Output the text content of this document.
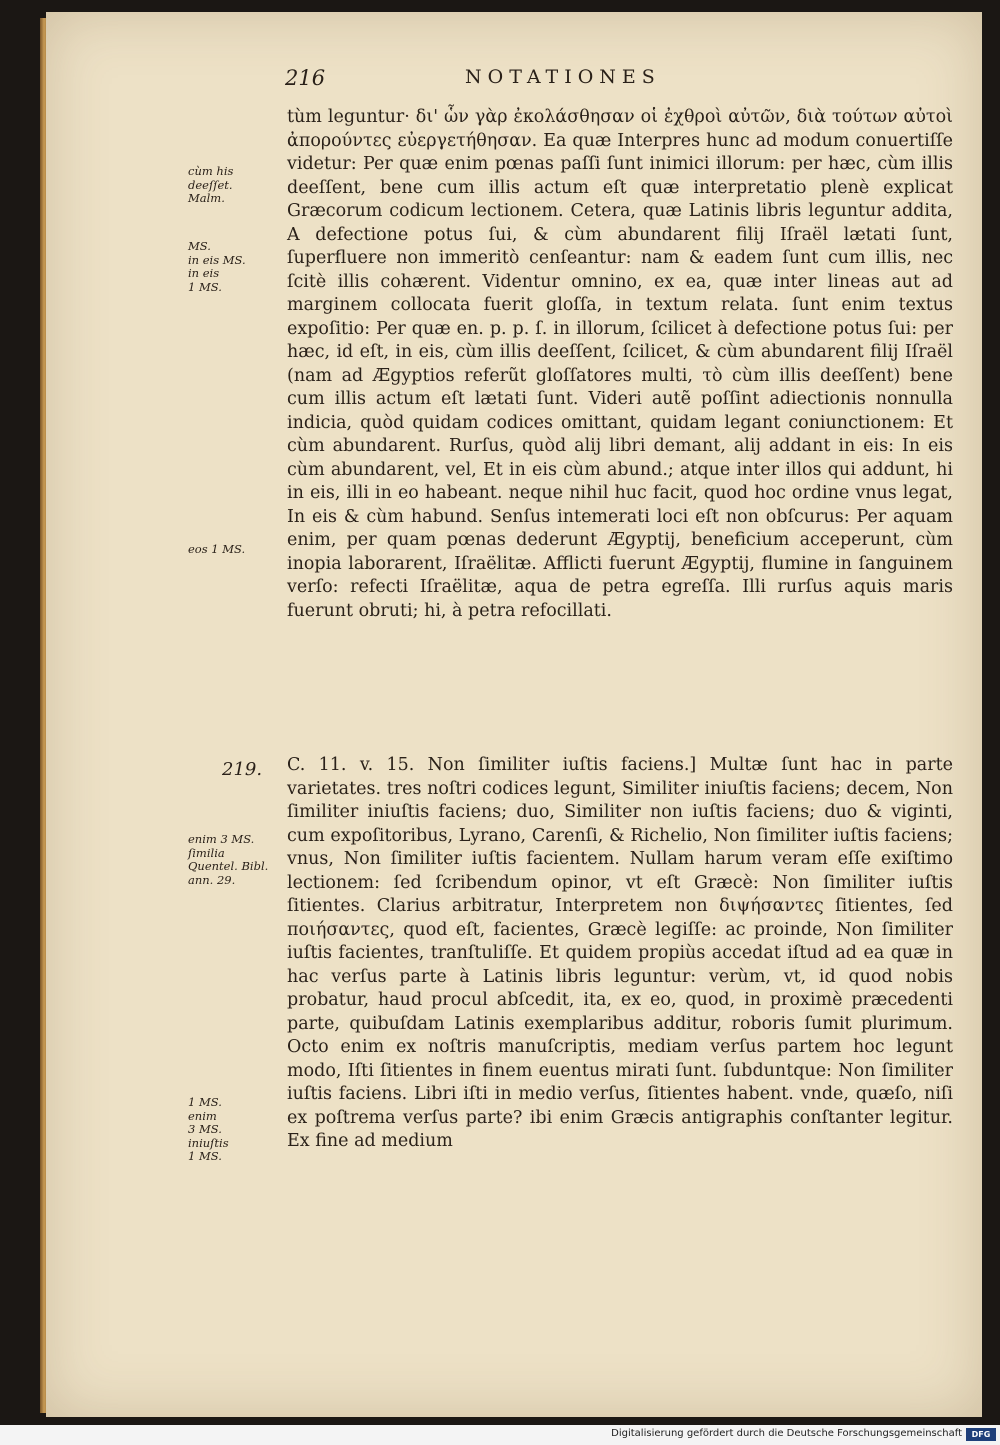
216	NOTATIONES
cùm his
deeſſet.
Malm.
MS.
in eis MS.
in eis
1 MS.
eos 1 MS.
enim 3 MS.
ſimilia
Quentel. Bibl.
ann. 29.
1 MS.
enim
3 MS.
iniuſtis
1 MS.

tùm leguntur· δι' ὧν γὰρ ἐκολάσθησαν οἱ ἐχθροὶ αὐτῶν, διὰ τούτων αὐτοὶ ἀπορούντες εὐεργετήθησαν. Ea quæ Interpres hunc ad modum conuertiſſe videtur: Per quæ enim pœnas paſſi ſunt inimici illorum: per hæc, cùm illis deeſſent, bene cum illis actum eſt quæ interpretatio plenè explicat Græcorum codicum lectionem. Cetera, quæ Latinis libris leguntur addita, A defectione potus ſui, & cùm abundarent filij Iſraël lætati ſunt, ſuperfluere non immeritò cenſeantur: nam & eadem ſunt cum illis, nec ſcitè illis cohærent. Videntur omnino, ex ea, quæ inter lineas aut ad marginem collocata fuerit gloſſa, in textum relata. ſunt enim textus expoſitio: Per quæ en. p. p. ſ. in illorum, ſcilicet à defectione potus ſui: per hæc, id eſt, in eis, cùm illis deeſſent, ſcilicet, & cùm abundarent filij Iſraël (nam ad Ægyptios referũt gloſſatores multi, τὸ cùm illis deeſſent) bene cum illis actum eſt lætati ſunt. Videri autẽ poſſint adiectionis nonnulla indicia, quòd quidam codices omittant, quidam legant coniunctionem: Et cùm abundarent. Rurſus, quòd alij libri demant, alij addant in eis: In eis cùm abundarent, vel, Et in eis cùm abund.; atque inter illos qui addunt, hi in eis, illi in eo habeant. neque nihil huc facit, quod hoc ordine vnus legat, In eis & cùm habund. Senſus intemerati loci eſt non obſcurus: Per aquam enim, per quam pœnas dederunt Ægyptij, beneficium acceperunt, cùm inopia laborarent, Iſraëlitæ. Afflicti fuerunt Ægyptij, flumine in ſanguinem verſo: refecti Iſraëlitæ, aqua de petra egreſſa. Illi rurſus aquis maris fuerunt obruti; hi, à petra refocillati.

219. C. 11. v. 15. Non ſimiliter iuſtis faciens.] Multæ ſunt hac in parte varietates. tres noſtri codices legunt, Similiter iniuſtis faciens; decem, Non ſimiliter iniuſtis faciens; duo, Similiter non iuſtis faciens; duo & viginti, cum expoſitoribus, Lyrano, Carenſi, & Richelio, Non ſimiliter iuſtis faciens; vnus, Non ſimiliter iuſtis facientem. Nullam harum veram eſſe exiſtimo lectionem: ſed ſcribendum opinor, vt eſt Græcè: Non ſimiliter iuſtis ſitientes. Clarius arbitratur, Interpretem non διψήσαντες ſitientes, ſed ποιήσαντες, quod eſt, facientes, Græcè legiſſe: ac proinde, Non ſimiliter iuſtis facientes, tranſtuliſſe. Et quidem propiùs accedat iſtud ad ea quæ in hac verſus parte à Latinis libris leguntur: verùm, vt, id quod nobis probatur, haud procul abſcedit, ita, ex eo, quod, in proximè præcedenti parte, quibuſdam Latinis exemplaribus additur, roboris ſumit plurimum. Octo enim ex noſtris manuſcriptis, mediam verſus partem hoc legunt modo, Iſti ſitientes in finem euentus mirati ſunt. ſubduntque: Non ſimiliter iuſtis faciens. Libri iſti in medio verſus, ſitientes habent. vnde, quæſo, niſi ex poſtrema verſus parte? ibi enim Græcis antigraphis conſtanter legitur. Ex fine ad medium

Digitalisierung gefördert durch die Deutsche Forschungsgemeinschaft	DFG
